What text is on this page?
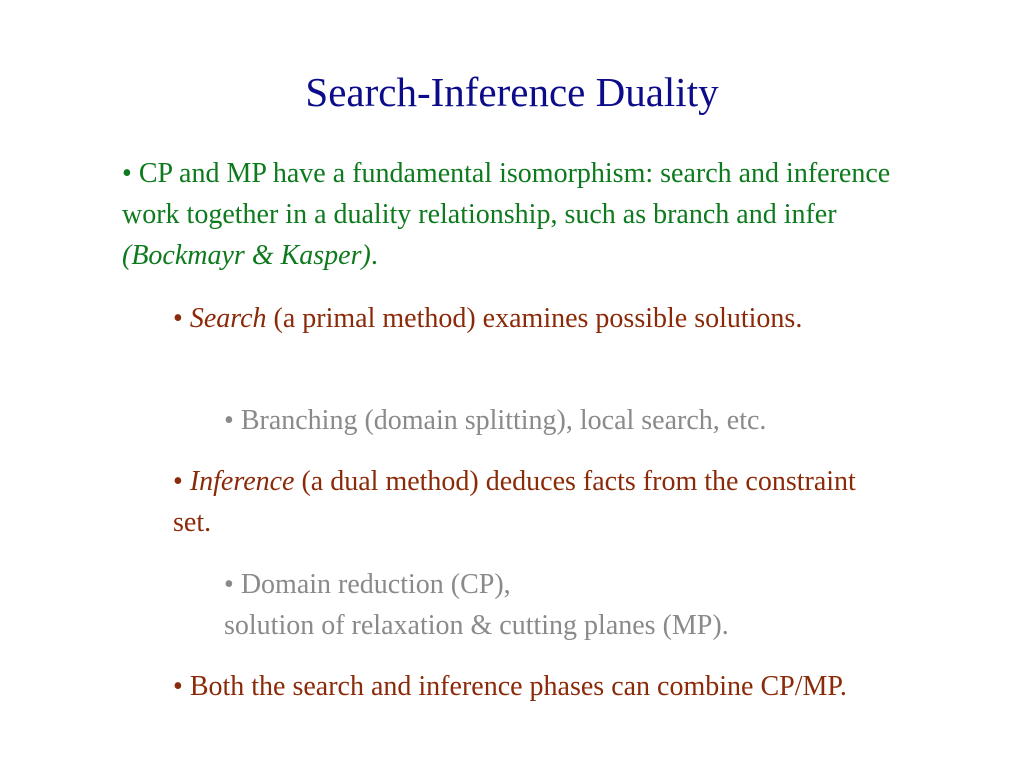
Search-Inference Duality
• CP and MP have a fundamental isomorphism: search and inference work together in a duality relationship, such as branch and infer (Bockmayr & Kasper).
• Search (a primal method) examines possible solutions.
• Branching (domain splitting), local search, etc.
• Inference (a dual method) deduces facts from the constraint set.
• Domain reduction (CP),
solution of relaxation & cutting planes (MP).
• Both the search and inference phases can combine CP/MP.
